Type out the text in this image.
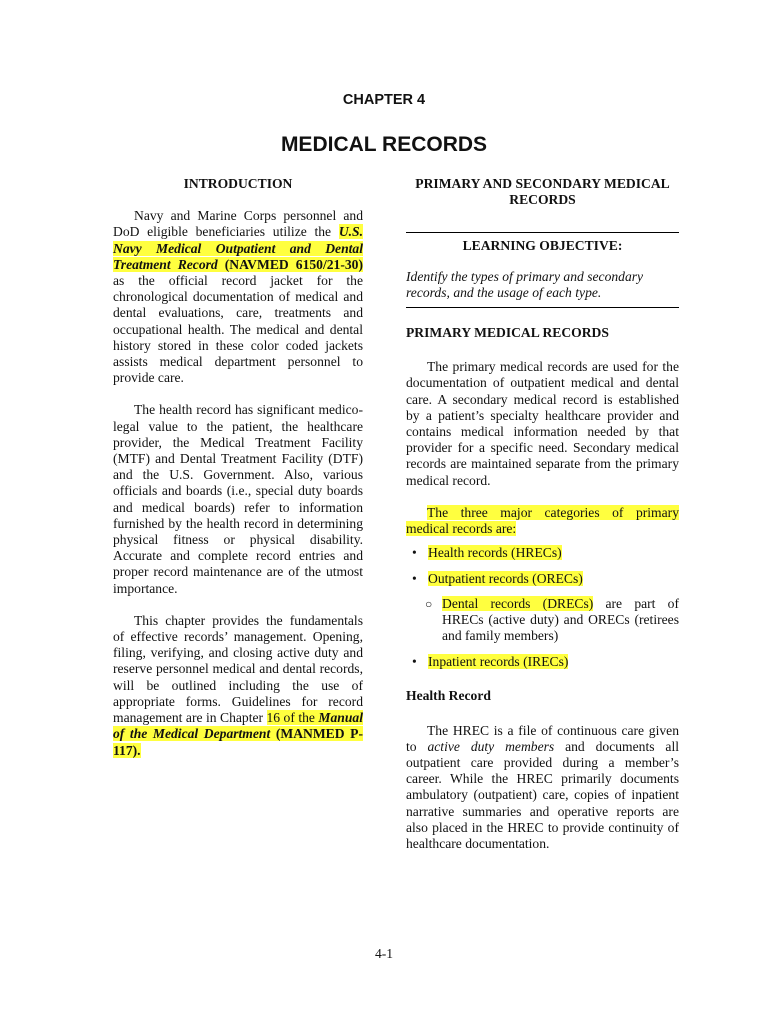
CHAPTER 4
MEDICAL RECORDS
INTRODUCTION

Navy and Marine Corps personnel and DoD eligible beneficiaries utilize the U.S. Navy Medical Outpatient and Dental Treatment Record (NAVMED 6150/21-30) as the official record jacket for the chronological documentation of medical and dental evaluations, care, treatments and occupational health. The medical and dental history stored in these color coded jackets assists medical department personnel to provide care.

The health record has significant medico-legal value to the patient, the healthcare provider, the Medical Treatment Facility (MTF) and Dental Treatment Facility (DTF) and the U.S. Government. Also, various officials and boards (i.e., special duty boards and medical boards) refer to information furnished by the health record in determining physical fitness or physical disability. Accurate and complete record entries and proper record maintenance are of the utmost importance.

This chapter provides the fundamentals of effective records’ management. Opening, filing, verifying, and closing active duty and reserve personnel medical and dental records, will be outlined including the use of appropriate forms. Guidelines for record management are in Chapter 16 of the Manual of the Medical Department (MANMED P-117).

PRIMARY AND SECONDARY MEDICAL RECORDS
LEARNING OBJECTIVE:

Identify the types of primary and secondary records, and the usage of each type.

PRIMARY MEDICAL RECORDS

The primary medical records are used for the documentation of outpatient medical and dental care. A secondary medical record is established by a patient’s specialty healthcare provider and contains medical information needed by that provider for a specific need. Secondary medical records are maintained separate from the primary medical record.

The three major categories of primary medical records are:

• Health records (HRECs)
• Outpatient records (ORECs)
○ Dental records (DRECs) are part of HRECs (active duty) and ORECs (retirees and family members)
• Inpatient records (IRECs)

Health Record

The HREC is a file of continuous care given to active duty members and documents all outpatient care provided during a member’s career. While the HREC primarily documents ambulatory (outpatient) care, copies of inpatient narrative summaries and operative reports are also placed in the HREC to provide continuity of healthcare documentation.

4-1
